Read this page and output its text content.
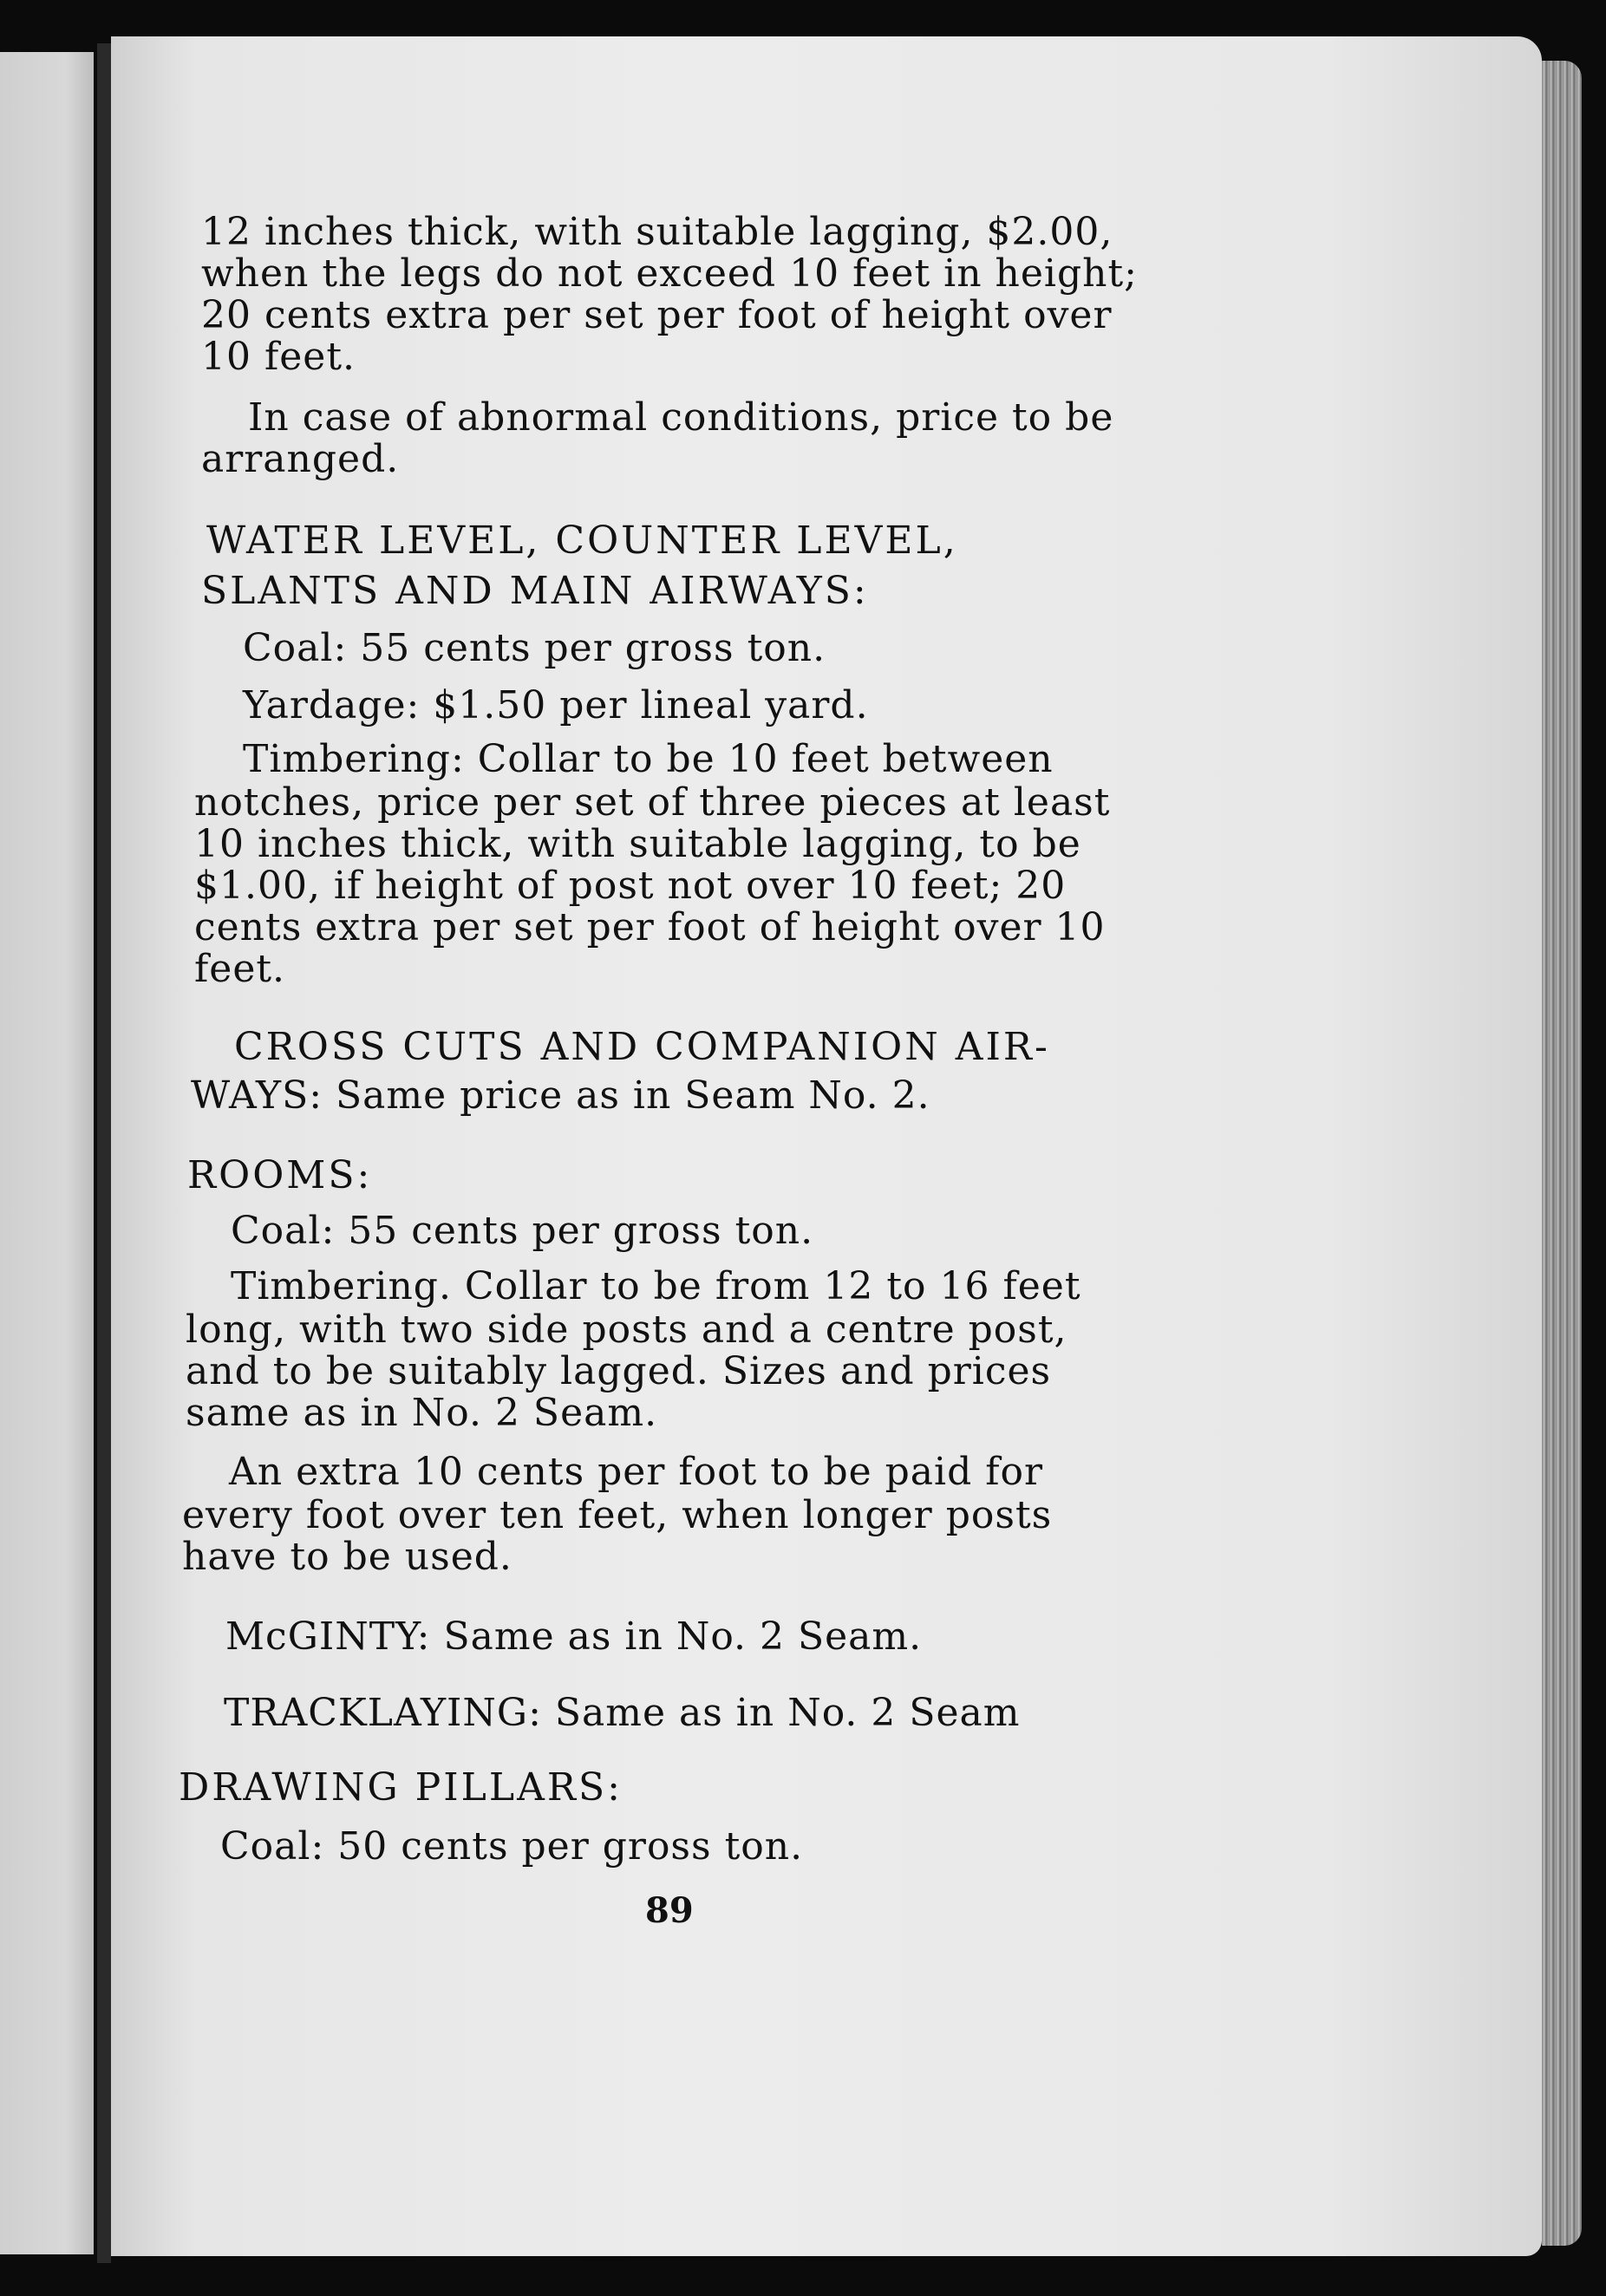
12 inches thick, with suitable lagging, $2.00,
when the legs do not exceed 10 feet in height;
20 cents extra per set per foot of height over
10 feet.
In case of abnormal conditions, price to be
arranged.
WATER LEVEL, COUNTER LEVEL,
SLANTS AND MAIN AIRWAYS:
Coal: 55 cents per gross ton.
Yardage: $1.50 per lineal yard.
Timbering: Collar to be 10 feet between
notches, price per set of three pieces at least
10 inches thick, with suitable lagging, to be
$1.00, if height of post not over 10 feet; 20
cents extra per set per foot of height over 10
feet.
CROSS CUTS AND COMPANION AIR-
WAYS: Same price as in Seam No. 2.
ROOMS:
Coal: 55 cents per gross ton.
Timbering. Collar to be from 12 to 16 feet
long, with two side posts and a centre post,
and to be suitably lagged. Sizes and prices
same as in No. 2 Seam.
An extra 10 cents per foot to be paid for
every foot over ten feet, when longer posts
have to be used.
McGINTY: Same as in No. 2 Seam.
TRACKLAYING: Same as in No. 2 Seam
DRAWING PILLARS:
Coal: 50 cents per gross ton.
89
